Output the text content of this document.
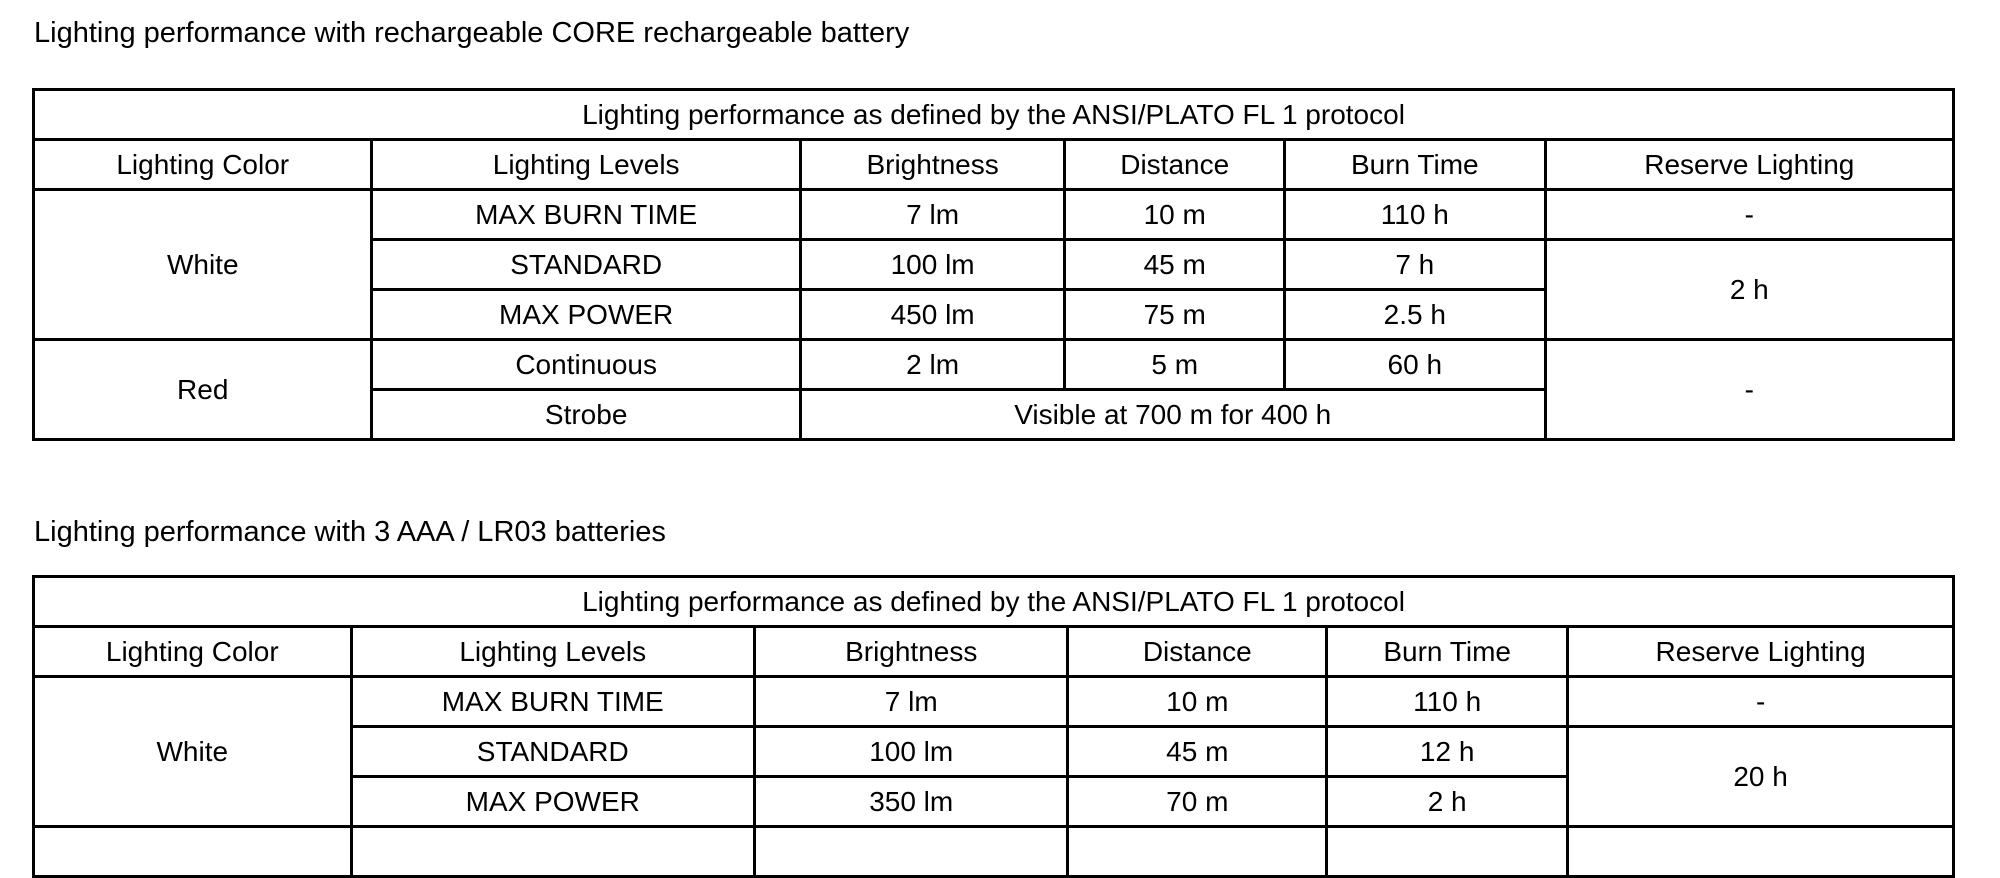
Lighting performance with rechargeable CORE rechargeable battery
Lighting performance as defined by the ANSI/PLATO FL 1 protocol					
Lighting Color	Lighting Levels	Brightness	Distance	Burn Time	Reserve Lighting
White	MAX BURN TIME	7 lm	10 m	110 h	-
	STANDARD	100 lm	45 m	7 h	2 h
	MAX POWER	450 lm	75 m	2.5 h	
Red	Continuous	2 lm	5 m	60 h	-
	Strobe	Visible at 700 m for 400 h			
Lighting performance with 3 AAA / LR03 batteries
Lighting performance as defined by the ANSI/PLATO FL 1 protocol					
Lighting Color	Lighting Levels	Brightness	Distance	Burn Time	Reserve Lighting
White	MAX BURN TIME	7 lm	10 m	110 h	-
	STANDARD	100 lm	45 m	12 h	20 h
	MAX POWER	350 lm	70 m	2 h	
